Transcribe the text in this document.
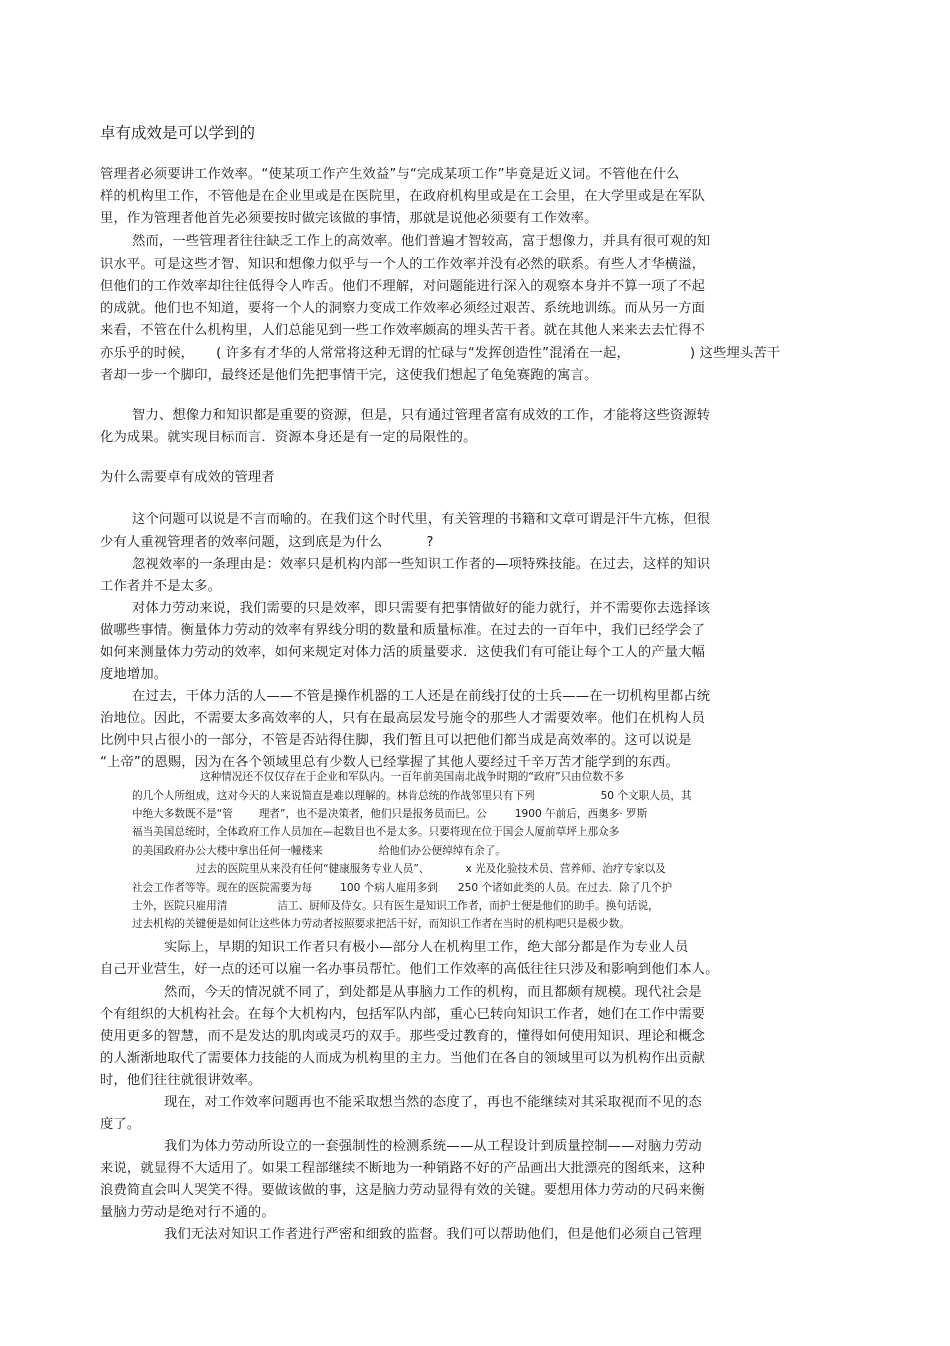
卓有成效是可以学到的
管理者必须要讲工作效率。“使某项工作产生效益”与“完成某项工作”毕竟是近义词。不管他在什么
样的机构里工作，不管他是在企业里或是在医院里，在政府机构里或是在工会里，在大学里或是在军队
里，作为管理者他首先必须要按时做完该做的事情，那就是说他必须要有工作效率。
然而，一些管理者往往缺乏工作上的高效率。他们普遍才智较高，富于想像力，并具有很可观的知
识水平。可是这些才智、知识和想像力似乎与一个人的工作效率并没有必然的联系。有些人才华横溢，
但他们的工作效率却往往低得令人咋舌。他们不理解，对问题能进行深入的观察本身并不算一项了不起
的成就。他们也不知道，要将一个人的洞察力变成工作效率必须经过艰苦、系统地训练。而从另一方面
来看，不管在什么机构里，人们总能见到一些工作效率颇高的埋头苦干者。就在其他人来来去去忙得不
亦乐乎的时候， ( 许多有才华的人常常将这种无谓的忙碌与“发挥创造性”混淆在一起，	) 这些埋头苦干
者却一步一个脚印，最终还是他们先把事情干完，这使我们想起了龟兔赛跑的寓言。
智力、想像力和知识都是重要的资源，但是，只有通过管理者富有成效的工作，才能将这些资源转
化为成果。就实现目标而言．资源本身还是有一定的局限性的。
为什么需要卓有成效的管理者
这个问题可以说是不言而喻的。在我们这个时代里，有关管理的书籍和文章可谓是汗牛亢栋，但很
少有人重视管理者的效率问题，这到底是为什么	?
忽视效率的一条理由是：效率只是机构内部一些知识工作者的—项特殊技能。在过去，这样的知识
工作者并不是太多。
对体力劳动来说，我们需要的只是效率，即只需要有把事情做好的能力就行，并不需要你去选择该
做哪些事情。衡量体力劳动的效率有界线分明的数量和质量标准。在过去的一百年中，我们已经学会了
如何来测量体力劳动的效率，如何来规定对体力活的质量要求．这使我们有可能让每个工人的产量大幅
度地增加。
在过去，干体力活的人——不管是操作机器的工人还是在前线打仗的士兵——在一切机构里都占统
治地位。因此，不需要太多高效率的人，只有在最高层发号施令的那些人才需要效率。他们在机构人员
比例中只占很小的一部分，不管是否站得住脚，我们暂且可以把他们都当成是高效率的。这可以说是
“上帝”的恩赐，因为在各个领域里总有少数人已经掌握了其他人要经过千辛万苦才能学到的东西。
这种情况还不仅仅存在于企业和军队内。一百年前美国南北战争时期的“政府”只由位数不多
的几个人所组成，这对今天的人来说简直是难以理解的。林肯总统的作战邻里只有下列	50 个文职人员，其
中绝大多数既不是“管 理者”，也不是决策者，他们只是报务员而巳。公	1900 午前后，西奥多· 罗斯
福当美国总统时，全体政府工作人员加在—起数目也不是太多。只要将现在位于国会人厦前草坪上那众多
的美国政府办公大楼中拿出任何一幢楼来	给他们办公便绰绰有余了。
过去的医院里从来没有任何“健康服务专业人员”、	x 光及化验技术员、营养师、治疗专家以及
社会工作者等等。现在的医院需要为每	100 个病人雇用多到 250 个诸如此类的人员。在过去．除了几个护
士外，医院只雇用清	洁工、厨师及侍女。只有医生是知识工作者，而护士便是他们的助手。换句话说，
过去机构的关键便是如何让这些体力劳动者按照要求把活干好，而知识工作者在当时的机构吧只是极少数。
实际上，早期的知识工作者只有极小—部分人在机构里工作，绝大部分都是作为专业人员
自己开业营生，好一点的还可以雇一名办事员帮忙。他们工作效率的高低往往只涉及和影响到他们本人。
然而，今天的情况就不同了，到处都是从事脑力工作的机构，而且都颇有规模。现代社会是
个有组织的大机构社会。在每个大机构内，包括军队内部，重心巳转向知识工作者，她们在工作中需要
使用更多的智慧，而不是发达的肌肉或灵巧的双手。那些受过教育的，懂得如何使用知识、理论和概念
的人渐渐地取代了需要体力技能的人而成为机构里的主力。当他们在各自的领域里可以为机构作出贡献
时，他们往往就很讲效率。
现在，对工作效率问题再也不能采取想当然的态度了，再也不能继续对其采取视而不见的态
度了。
我们为体力劳动所设立的一套强制性的检测系统——从工程设计到质量控制——对脑力劳动
来说，就显得不大适用了。如果工程部继续不断地为一种销路不好的产品画出大批漂亮的图纸来，这种
浪费简直会叫人哭笑不得。要做该做的事，这是脑力劳动显得有效的关键。要想用体力劳动的尺码来衡
量脑力劳动是绝对行不通的。
我们无法对知识工作者进行严密和细致的监督。我们可以帮助他们，但是他们必须自己管理
